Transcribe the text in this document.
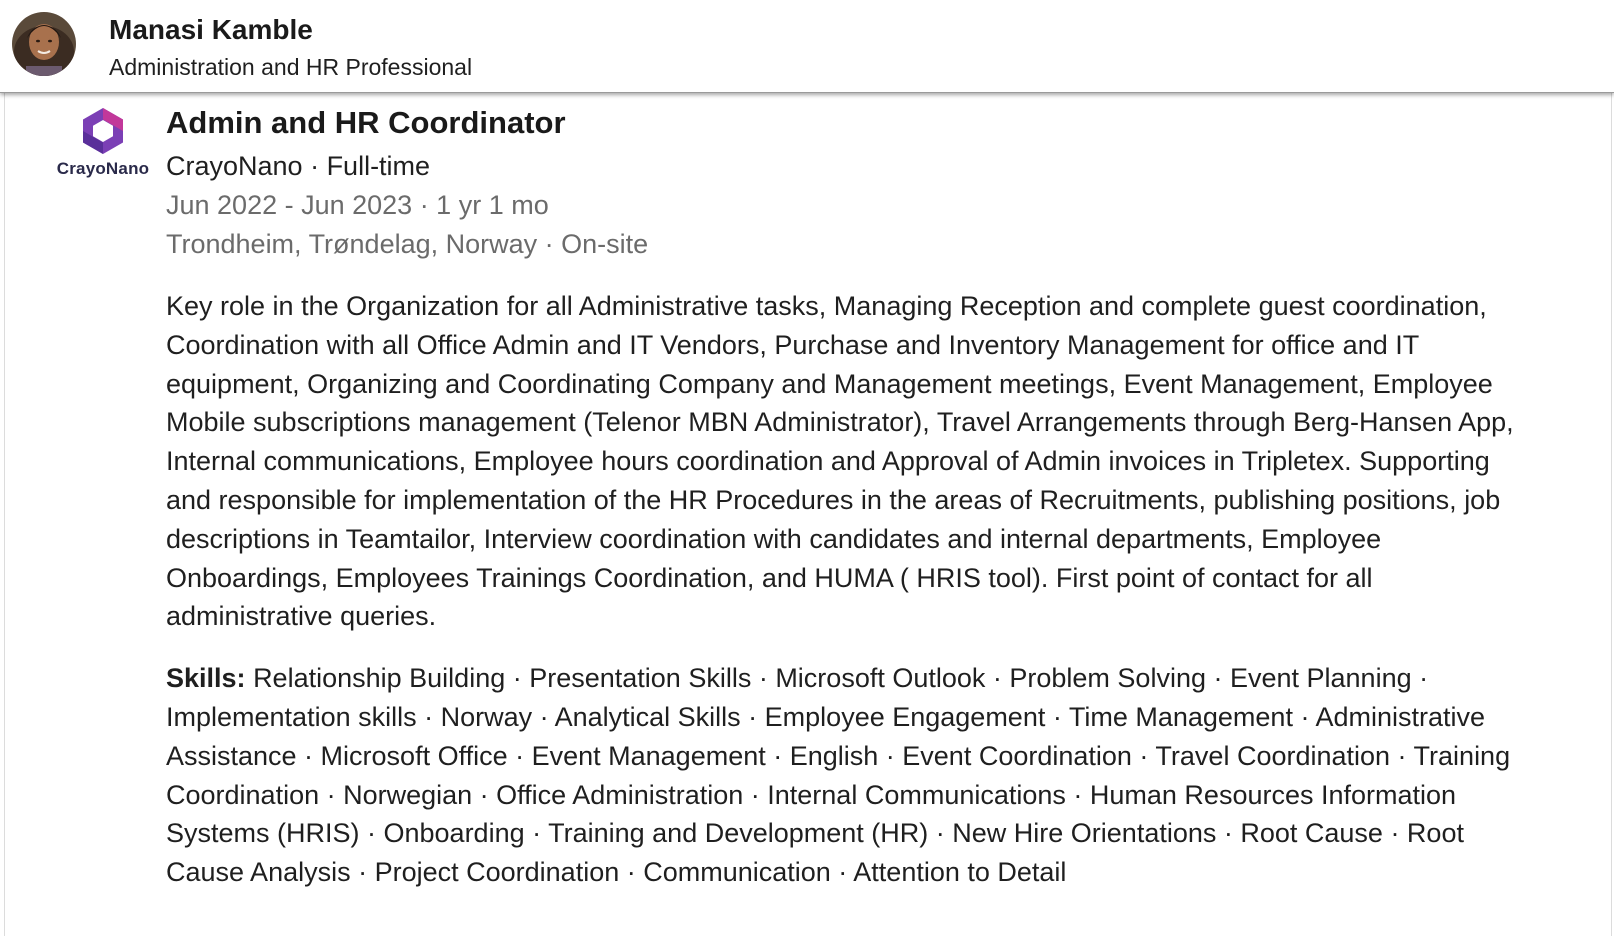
Manasi Kamble
Administration and HR Professional
CrayoNano
Admin and HR Coordinator
CrayoNano · Full-time
Jun 2022 - Jun 2023 · 1 yr 1 mo
Trondheim, Trøndelag, Norway · On-site
Key role in the Organization for all Administrative tasks, Managing Reception and complete guest coordination, Coordination with all Office Admin and IT Vendors, Purchase and Inventory Management for office and IT equipment, Organizing and Coordinating Company and Management meetings, Event Management, Employee Mobile subscriptions management (Telenor MBN Administrator), Travel Arrangements through Berg-Hansen App, Internal communications, Employee hours coordination and Approval of Admin invoices in Tripletex. Supporting and responsible for implementation of the HR Procedures in the areas of Recruitments, publishing positions, job descriptions in Teamtailor, Interview coordination with candidates and internal departments, Employee Onboardings, Employees Trainings Coordination, and HUMA ( HRIS tool). First point of contact for all administrative queries.
Skills: Relationship Building · Presentation Skills · Microsoft Outlook · Problem Solving · Event Planning · Implementation skills · Norway · Analytical Skills · Employee Engagement · Time Management · Administrative Assistance · Microsoft Office · Event Management · English · Event Coordination · Travel Coordination · Training Coordination · Norwegian · Office Administration · Internal Communications · Human Resources Information Systems (HRIS) · Onboarding · Training and Development (HR) · New Hire Orientations · Root Cause · Root Cause Analysis · Project Coordination · Communication · Attention to Detail
